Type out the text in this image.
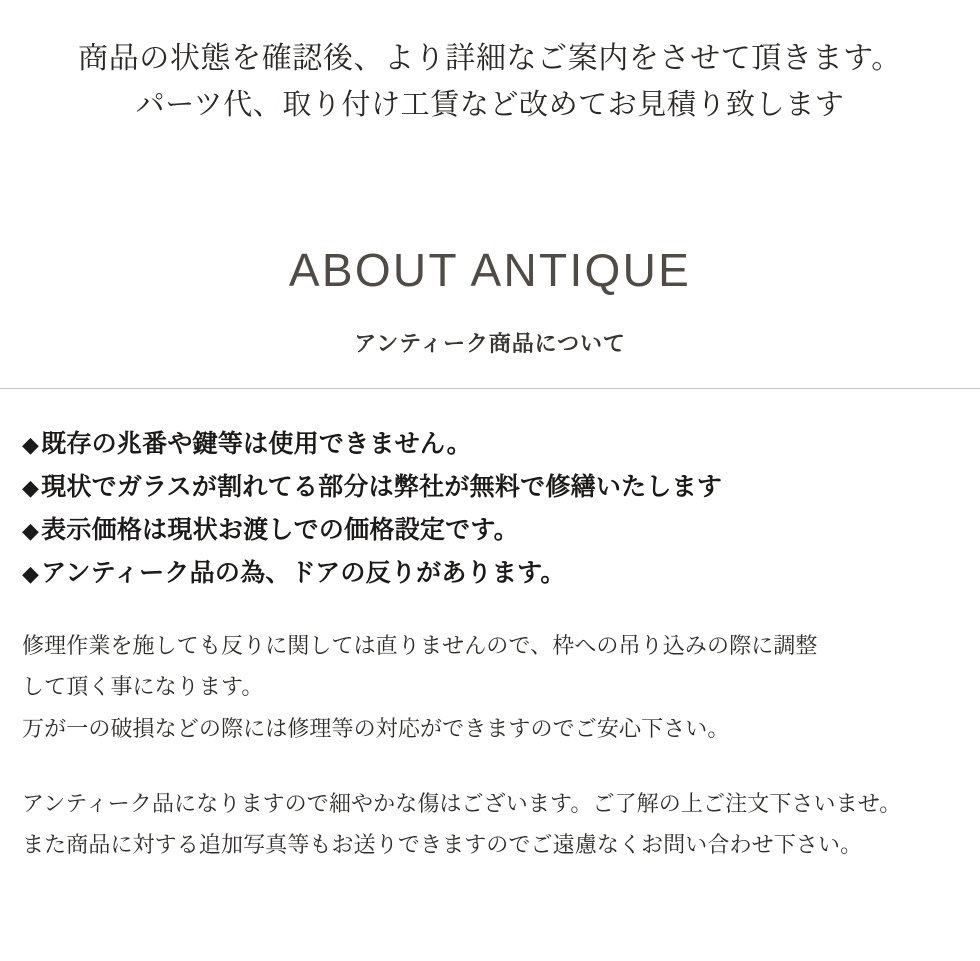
商品の状態を確認後、より詳細なご案内をさせて頂きます。
パーツ代、取り付け工賃など改めてお見積り致します
ABOUT ANTIQUE
アンティーク商品について
◆既存の兆番や鍵等は使用できません。
◆現状でガラスが割れてる部分は弊社が無料で修繕いたします
◆表示価格は現状お渡しでの価格設定です。
◆アンティーク品の為、ドアの反りがあります。

修理作業を施しても反りに関しては直りませんので、枠への吊り込みの際に調整

して頂く事になります。

万が一の破損などの際には修理等の対応ができますのでご安心下さい。

アンティーク品になりますので細やかな傷はございます。ご了解の上ご注文下さいませ。

また商品に対する追加写真等もお送りできますのでご遠慮なくお問い合わせ下さい。
